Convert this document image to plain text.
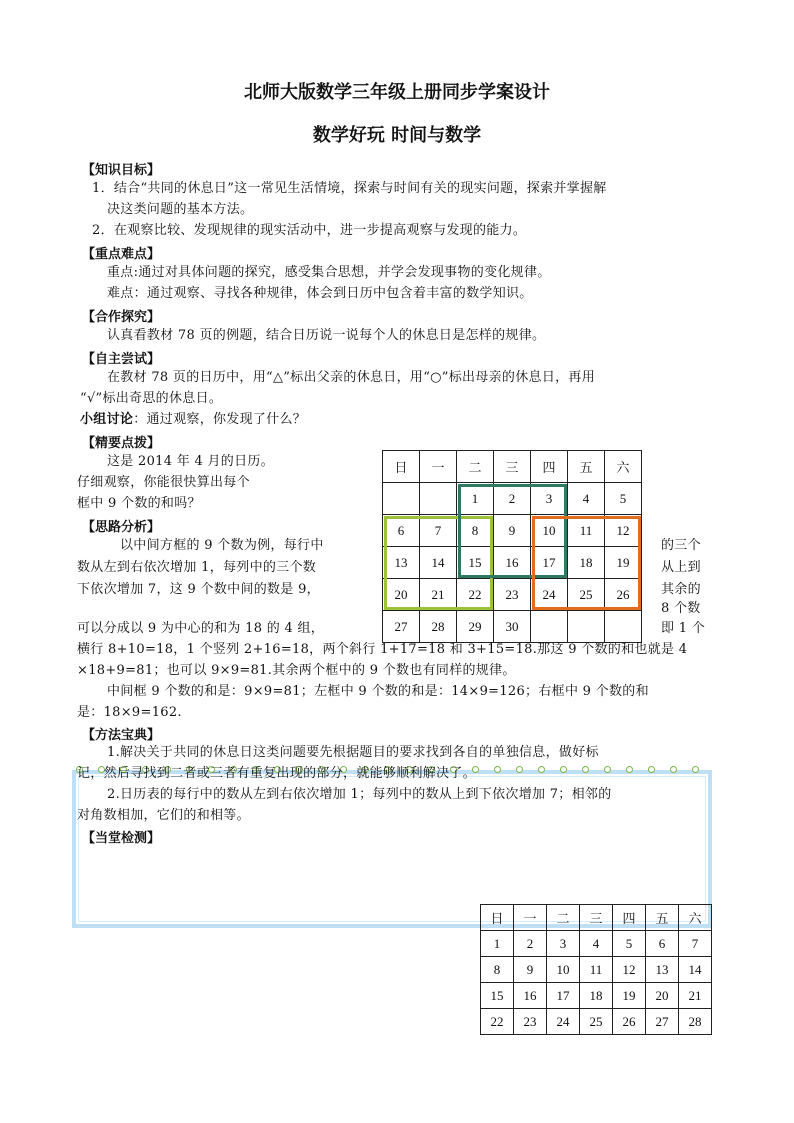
北师大版数学三年级上册同步学案设计
数学好玩 时间与数学
【知识目标】
1．结合“共同的休息日”这一常见生活情境，探索与时间有关的现实问题，探索并掌握解
决这类问题的基本方法。
2．在观察比较、发现规律的现实活动中，进一步提高观察与发现的能力。
【重点难点】
重点:通过对具体问题的探究，感受集合思想，并学会发现事物的变化规律。
难点：通过观察、寻找各种规律，体会到日历中包含着丰富的数学知识。
【合作探究】
认真看教材 78 页的例题，结合日历说一说每个人的休息日是怎样的规律。
【自主尝试】
在教材 78 页的日历中，用“△”标出父亲的休息日，用“○”标出母亲的休息日，再用
“√”标出奇思的休息日。
小组讨论：通过观察，你发现了什么？
【精要点拨】
这是 2014 年 4 月的日历。
仔细观察，你能很快算出每个
框中 9 个数的和吗？
【思路分析】
以中间方框的 9 个数为例，每行中
数从左到右依次增加 1，每列中的三个数
下依次增加 7，这 9 个数中间的数是 9，
的三个
从上到
其余的
8 个数
可以分成以 9 为中心的和为 18 的 4 组，	即 1 个
横行 8+10=18，1 个竖列 2+16=18，两个斜行 1+17=18 和 3+15=18.那这 9 个数的和也就是 4
×18+9=81；也可以 9×9=81.其余两个框中的 9 个数也有同样的规律。
中间框 9 个数的和是：9×9=81；左框中 9 个数的和是：14×9=126；右框中 9 个数的和
是：18×9=162.
【方法宝典】
1.解决关于共同的休息日这类问题要先根据题目的要求找到各自的单独信息，做好标
记，然后寻找到二者或三者有重复出现的部分，就能够顺利解决了。
2.日历表的每行中的数从左到右依次增加 1；每列中的数从上到下依次增加 7；相邻的
对角数相加，它们的和相等。
【当堂检测】
日	一	二	三	四	五	六
		1	2	3	4	5
6	7	8	9	10	11	12
13	14	15	16	17	18	19
20	21	22	23	24	25	26
27	28	29	30			
日	一	二	三	四	五	六
1	2	3	4	5	6	7
8	9	10	11	12	13	14
15	16	17	18	19	20	21
22	23	24	25	26	27	28
